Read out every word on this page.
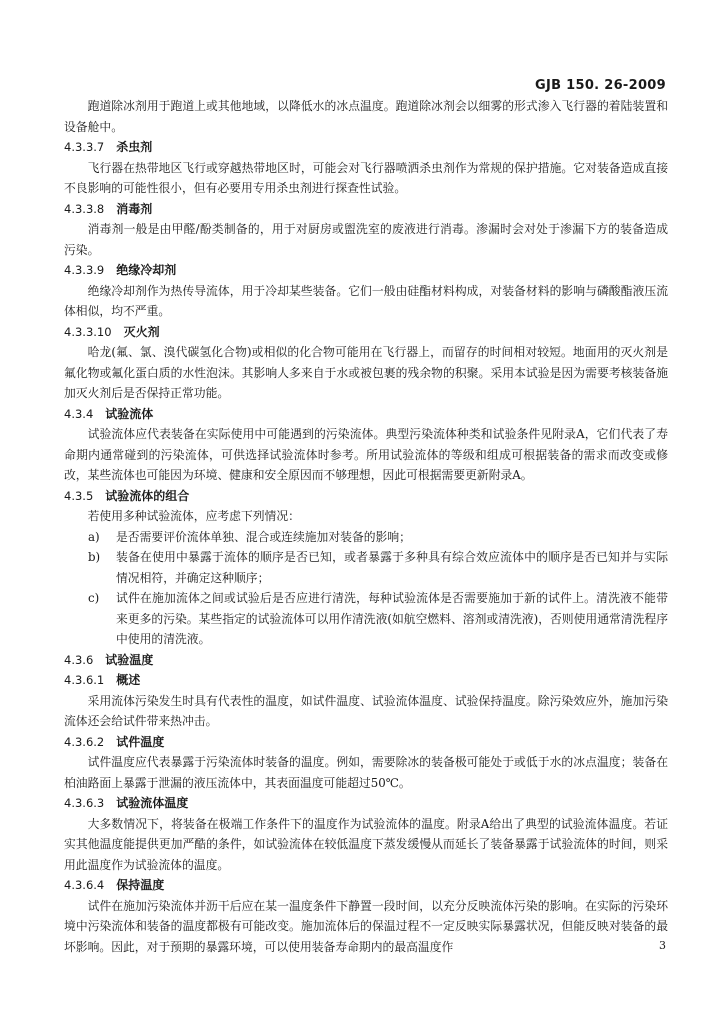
GJB 150. 26-2009

跑道除冰剂用于跑道上或其他地域，以降低水的冰点温度。跑道除冰剂会以细雾的形式渗入飞行器的着陆装置和设备舱中。

4.3.3.7 杀虫剂

飞行器在热带地区飞行或穿越热带地区时，可能会对飞行器喷洒杀虫剂作为常规的保护措施。它对装备造成直接不良影响的可能性很小，但有必要用专用杀虫剂进行探查性试验。

4.3.3.8 消毒剂

消毒剂一般是由甲醛/酚类制备的，用于对厨房或盥洗室的废液进行消毒。渗漏时会对处于渗漏下方的装备造成污染。

4.3.3.9 绝缘冷却剂

绝缘冷却剂作为热传导流体，用于冷却某些装备。它们一般由硅酯材料构成，对装备材料的影响与磷酸酯液压流体相似，均不严重。

4.3.3.10 灭火剂

哈龙(氟、氯、溴代碳氢化合物)或相似的化合物可能用在飞行器上，而留存的时间相对较短。地面用的灭火剂是氟化物或氟化蛋白质的水性泡沫。其影响人多来自于水或被包裹的残余物的积聚。采用本试验是因为需要考核装备施加灭火剂后是否保持正常功能。

4.3.4 试验流体

试验流体应代表装备在实际使用中可能遇到的污染流体。典型污染流体种类和试验条件见附录A，它们代表了寿命期内通常碰到的污染流体，可供选择试验流体时参考。所用试验流体的等级和组成可根据装备的需求而改变或修改，某些流体也可能因为环境、健康和安全原因而不够理想，因此可根据需要更新附录A。

4.3.5 试验流体的组合

若使用多种试验流体，应考虑下列情况：

a)	是否需要评价流体单独、混合或连续施加对装备的影响；
b)	装备在使用中暴露于流体的顺序是否已知，或者暴露于多种具有综合效应流体中的顺序是否已知并与实际情况相符，并确定这种顺序；
c)	试件在施加流体之间或试验后是否应进行清洗，每种试验流体是否需要施加于新的试件上。清洗液不能带来更多的污染。某些指定的试验流体可以用作清洗液(如航空燃料、溶剂或清洗液)，否则使用通常清洗程序中使用的清洗液。
4.3.6 试验温度
4.3.6.1 概述

采用流体污染发生时具有代表性的温度，如试件温度、试验流体温度、试验保持温度。除污染效应外，施加污染流体还会给试件带来热冲击。

4.3.6.2 试件温度

试件温度应代表暴露于污染流体时装备的温度。例如，需要除冰的装备极可能处于或低于水的冰点温度；装备在柏油路面上暴露于泄漏的液压流体中，其表面温度可能超过50℃。

4.3.6.3 试验流体温度

大多数情况下，将装备在极端工作条件下的温度作为试验流体的温度。附录A给出了典型的试验流体温度。若证实其他温度能提供更加严酷的条件，如试验流体在较低温度下蒸发缓慢从而延长了装备暴露于试验流体的时间，则采用此温度作为试验流体的温度。

4.3.6.4 保持温度

试件在施加污染流体并沥干后应在某一温度条件下静置一段时间，以充分反映流体污染的影响。在实际的污染环境中污染流体和装备的温度都极有可能改变。施加流体后的保温过程不一定反映实际暴露状况，但能反映对装备的最坏影响。因此，对于预期的暴露环境，可以使用装备寿命期内的最高温度作	3
